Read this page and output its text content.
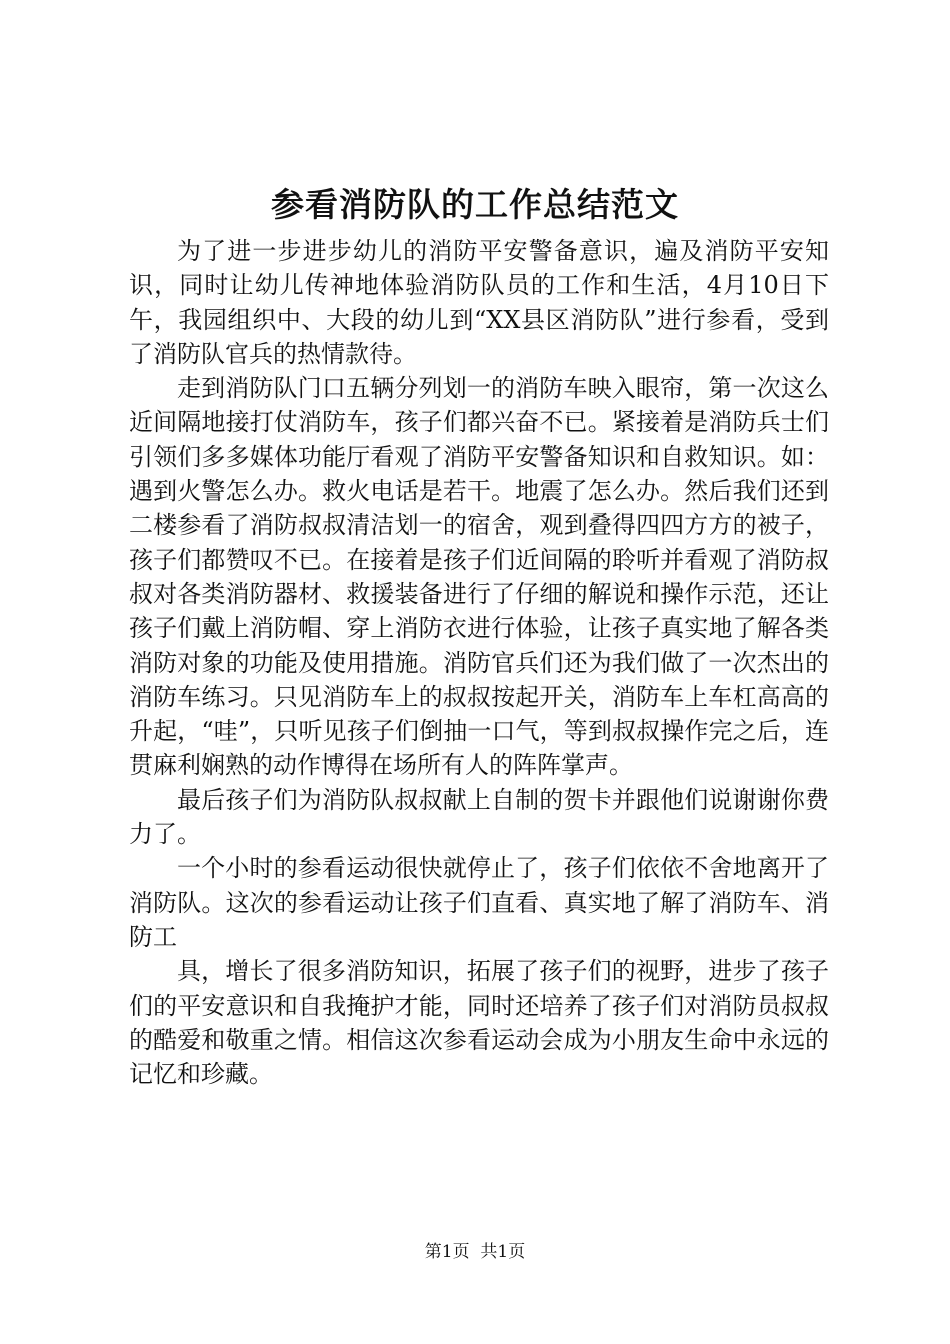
参看消防队的工作总结范文

为了进一步进步幼儿的消防平安警备意识，遍及消防平安知识，同时让幼儿传神地体验消防队员的工作和生活，4月10日下午，我园组织中、大段的幼儿到“XX县区消防队”进行参看，受到了消防队官兵的热情款待。

走到消防队门口五辆分列划一的消防车映入眼帘，第一次这么近间隔地接打仗消防车，孩子们都兴奋不已。紧接着是消防兵士们引领们多多媒体功能厅看观了消防平安警备知识和自救知识。如：遇到火警怎么办。救火电话是若干。地震了怎么办。然后我们还到二楼参看了消防叔叔清洁划一的宿舍，观到叠得四四方方的被子，孩子们都赞叹不已。在接着是孩子们近间隔的聆听并看观了消防叔叔对各类消防器材、救援装备进行了仔细的解说和操作示范，还让孩子们戴上消防帽、穿上消防衣进行体验，让孩子真实地了解各类消防对象的功能及使用措施。消防官兵们还为我们做了一次杰出的消防车练习。只见消防车上的叔叔按起开关，消防车上车杠高高的升起，“哇”，只听见孩子们倒抽一口气，等到叔叔操作完之后，连贯麻利娴熟的动作博得在场所有人的阵阵掌声。

最后孩子们为消防队叔叔献上自制的贺卡并跟他们说谢谢你费力了。

一个小时的参看运动很快就停止了，孩子们依依不舍地离开了消防队。这次的参看运动让孩子们直看、真实地了解了消防车、消防工

具，增长了很多消防知识，拓展了孩子们的视野，进步了孩子们的平安意识和自我掩护才能，同时还培养了孩子们对消防员叔叔的酷爱和敬重之情。相信这次参看运动会成为小朋友生命中永远的记忆和珍藏。

第1页 共1页
